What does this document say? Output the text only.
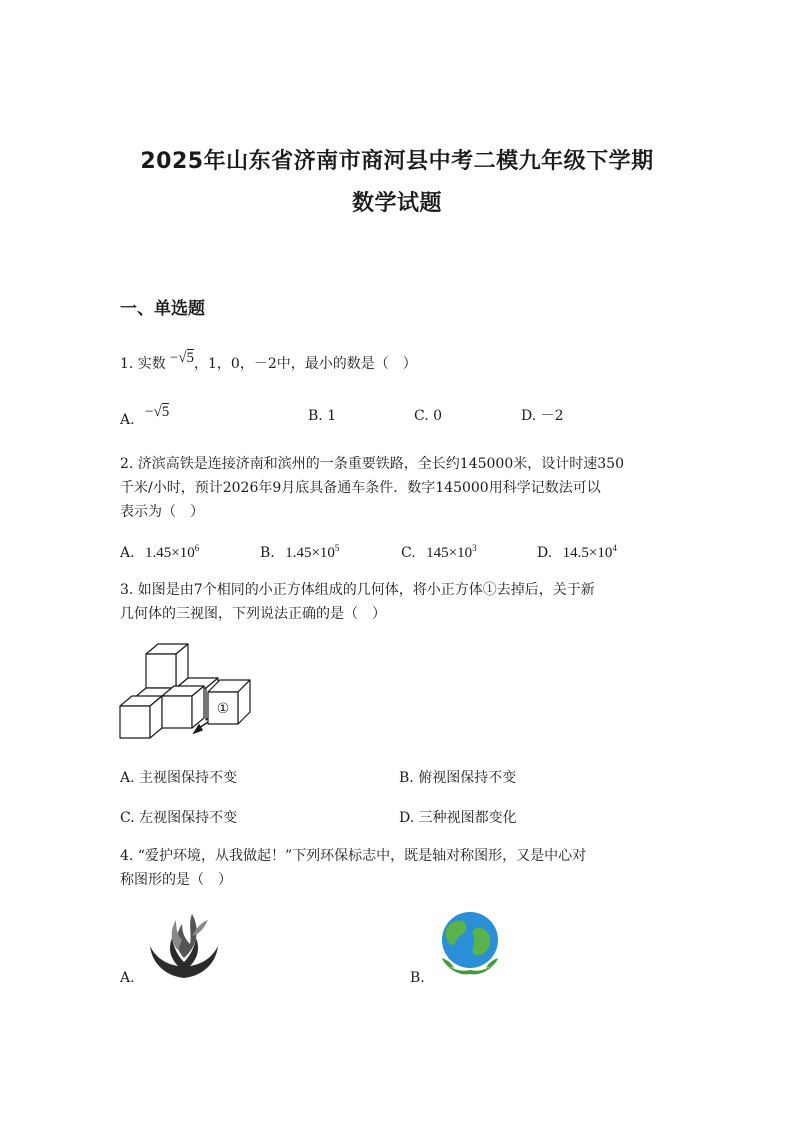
2025年山东省济南市商河县中考二模九年级下学期
数学试题
一、单选题
1. 实数 −√5，1，0，－2中，最小的数是（　）
A. −√5	B. 1	C. 0	D. －2
2. 济滨高铁是连接济南和滨州的一条重要铁路，全长约145000米，设计时速350
千米/小时，预计2026年9月底具备通车条件．数字145000用科学记数法可以
表示为（　）
A. $1.45\times 10^6$	B. $1.45\times 10^5$	C. $145\times 10^3$	D. $14.5\times 10^4$
3. 如图是由7个相同的小正方体组成的几何体，将小正方体①去掉后，关于新
几何体的三视图，下列说法正确的是（　）
①
A. 主视图保持不变	B. 俯视图保持不变
C. 左视图保持不变	D. 三种视图都变化
4. “爱护环境，从我做起！”下列环保标志中，既是轴对称图形，又是中心对
称图形的是（　）
A.	B.
